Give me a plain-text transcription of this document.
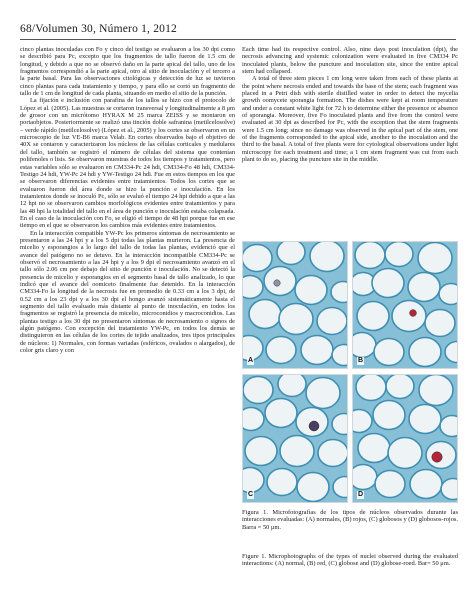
68/Volumen 30, Número 1, 2012

cinco plantas inoculadas con Fo y cinco del testigo se evaluaron a los 30 dpi como se describió para Pc, excepto que los fragmentos de tallo fueron de 1.5 cm de longitud, y debido a que no se observó daño en la parte apical del tallo, uno de los fragmentos correspondió a la parte apical, otro al sitio de inoculación y el tercero a la parte basal. Para las observaciones citológicas y detección de luz se tuvieron cinco plantas para cada tratamiento y tiempo, y para ello se cortó un fragmento de tallo de 1 cm de longitud de cada planta, situando en medio el sitio de la punción.

La fijación e inclusión con parafina de los tallos se hizo con el protocolo de López et al. (2005). Las muestras se cortaron transversal y longitudinalmente a 8 μm de grosor con un micrótomo HYRAX M 25 marca ZEISS y se montaron en portaobjetos. Posteriormente se realizó una tinción doble safranina (metilcelosolve) – verde rápido (metilcelosolve) (López et al., 2005) y los cortes se observaron en un microscopio de luz VE-B6 marca Velab. En cortes observados bajo el objetivo de 40X se contaron y caracterizaron los núcleos de las células corticales y medulares del tallo, también se registró el número de células del sistema que contenían polifenoles o lisis. Se observaron muestras de todos los tiempos y tratamientos, pero estas variables sólo se evaluaron en CM334-Pc 24 hdi, CM334-Fo 48 hdi, CM334-Testigo 24 hdi, YW-Pc 24 hdi y YW-Testigo 24 hdi. Fue en estos tiempos en los que se observaron diferencias evidentes entre tratamientos. Todos los cortes que se evaluaron fueron del área donde se hizo la punción e inoculación. En los tratamientos donde se inoculó Pc, sólo se evaluó el tiempo 24 hpi debido a que a las 12 hpi no se observaron cambios morfológicos evidentes entre tratamientos y para las 48 hpi la totalidad del tallo en el área de punción e inoculación estaba colapsada. En el caso de la inoculación con Fo, se eligió el tiempo de 48 hpi porque fue en ese tiempo en el que se observaron los cambios más evidentes entre tratamientos.

En la interacción compatible YW-Pc los primeros síntomas de necrosamiento se presentaron a las 24 hpi y a los 5 dpi todas las plantas murieron. La presencia de micelio y esporangios a lo largo del tallo de todas las plantas, evidenció que el avance del patógeno no se detuvo. En la interacción incompatible CM334-Pc se observó el necrosamiento a las 24 hpi y a los 9 dpi el necrosamiento avanzó en el tallo sólo 2.06 cm por debajo del sitio de punción e inoculación. No se detectó la presencia de micelio y esporangios en el segmento basal de tallo analizado, lo que indicó que el avance del oomiceto finalmente fue detenido. En la interacción CM334-Fo la longitud de la necrosis fue en promedio de 0.33 cm a los 3 dpi, de 0.52 cm a los 23 dpi y a los 30 dpi el hongo avanzó sistemáticamente hasta el segmento del tallo evaluado más distante al punto de inoculación, en todos los fragmentos se registró la presencia de micelio, microconidios y macroconidios. Las plantas testigo a los 30 dpi no presentaron síntomas de necrosamiento o signos de algún patógeno. Con excepción del tratamiento YW-Pc, en todos los demás se distinguieron en las células de los cortes de tejido analizados, tres tipos principales de núcleos: 1) Normales, con formas variadas (esféricos, ovalados o alargados), de color gris claro y con

Each time had its respective control. Also, nine days post inoculation (dpi), the necrosis advancing and systemic colonization were evaluated in five CM334 Pc inoculated plants, below the puncture and inoculation site, since the entire apical stem had collapsed.

A total of three stem pieces 1 cm long were taken from each of these plants at the point where necrosis ended and towards the base of the stem; each fragment was placed in a Petri dish with sterile distilled water in order to detect the mycelia growth oomycete sporangia formation. The dishes were kept at room temperature and under a constant white light for 72 h to determine either the presence or absence of sporangia. Moreover, five Fo inoculated plants and five from the control were evaluated at 30 dpi as described for Pc, with the exception that the stem fragments were 1.5 cm long; since no damage was observed in the apical part of the stem, one of the fragments corresponded to the apical side, another to the inoculation and the third to the basal. A total of five plants were for cytological observations under light microscopy for each treatment and time; a 1 cm stem fragment was cut from each plant to do so, placing the puncture site in the middle.

A	B
C	D
Figura 1. Microfotografías de los tipos de núcleos observados durante las interacciones evaluadas: (A) normales, (B) rojos, (C) globosos y (D) globosos-rojos. Barra = 50 μm.
Figure 1. Microphotographs of the types of nuclei observed during the evaluated interactions: (A) normal, (B) red, (C) globose and (D) globose-roed. Bar= 50 μm.
